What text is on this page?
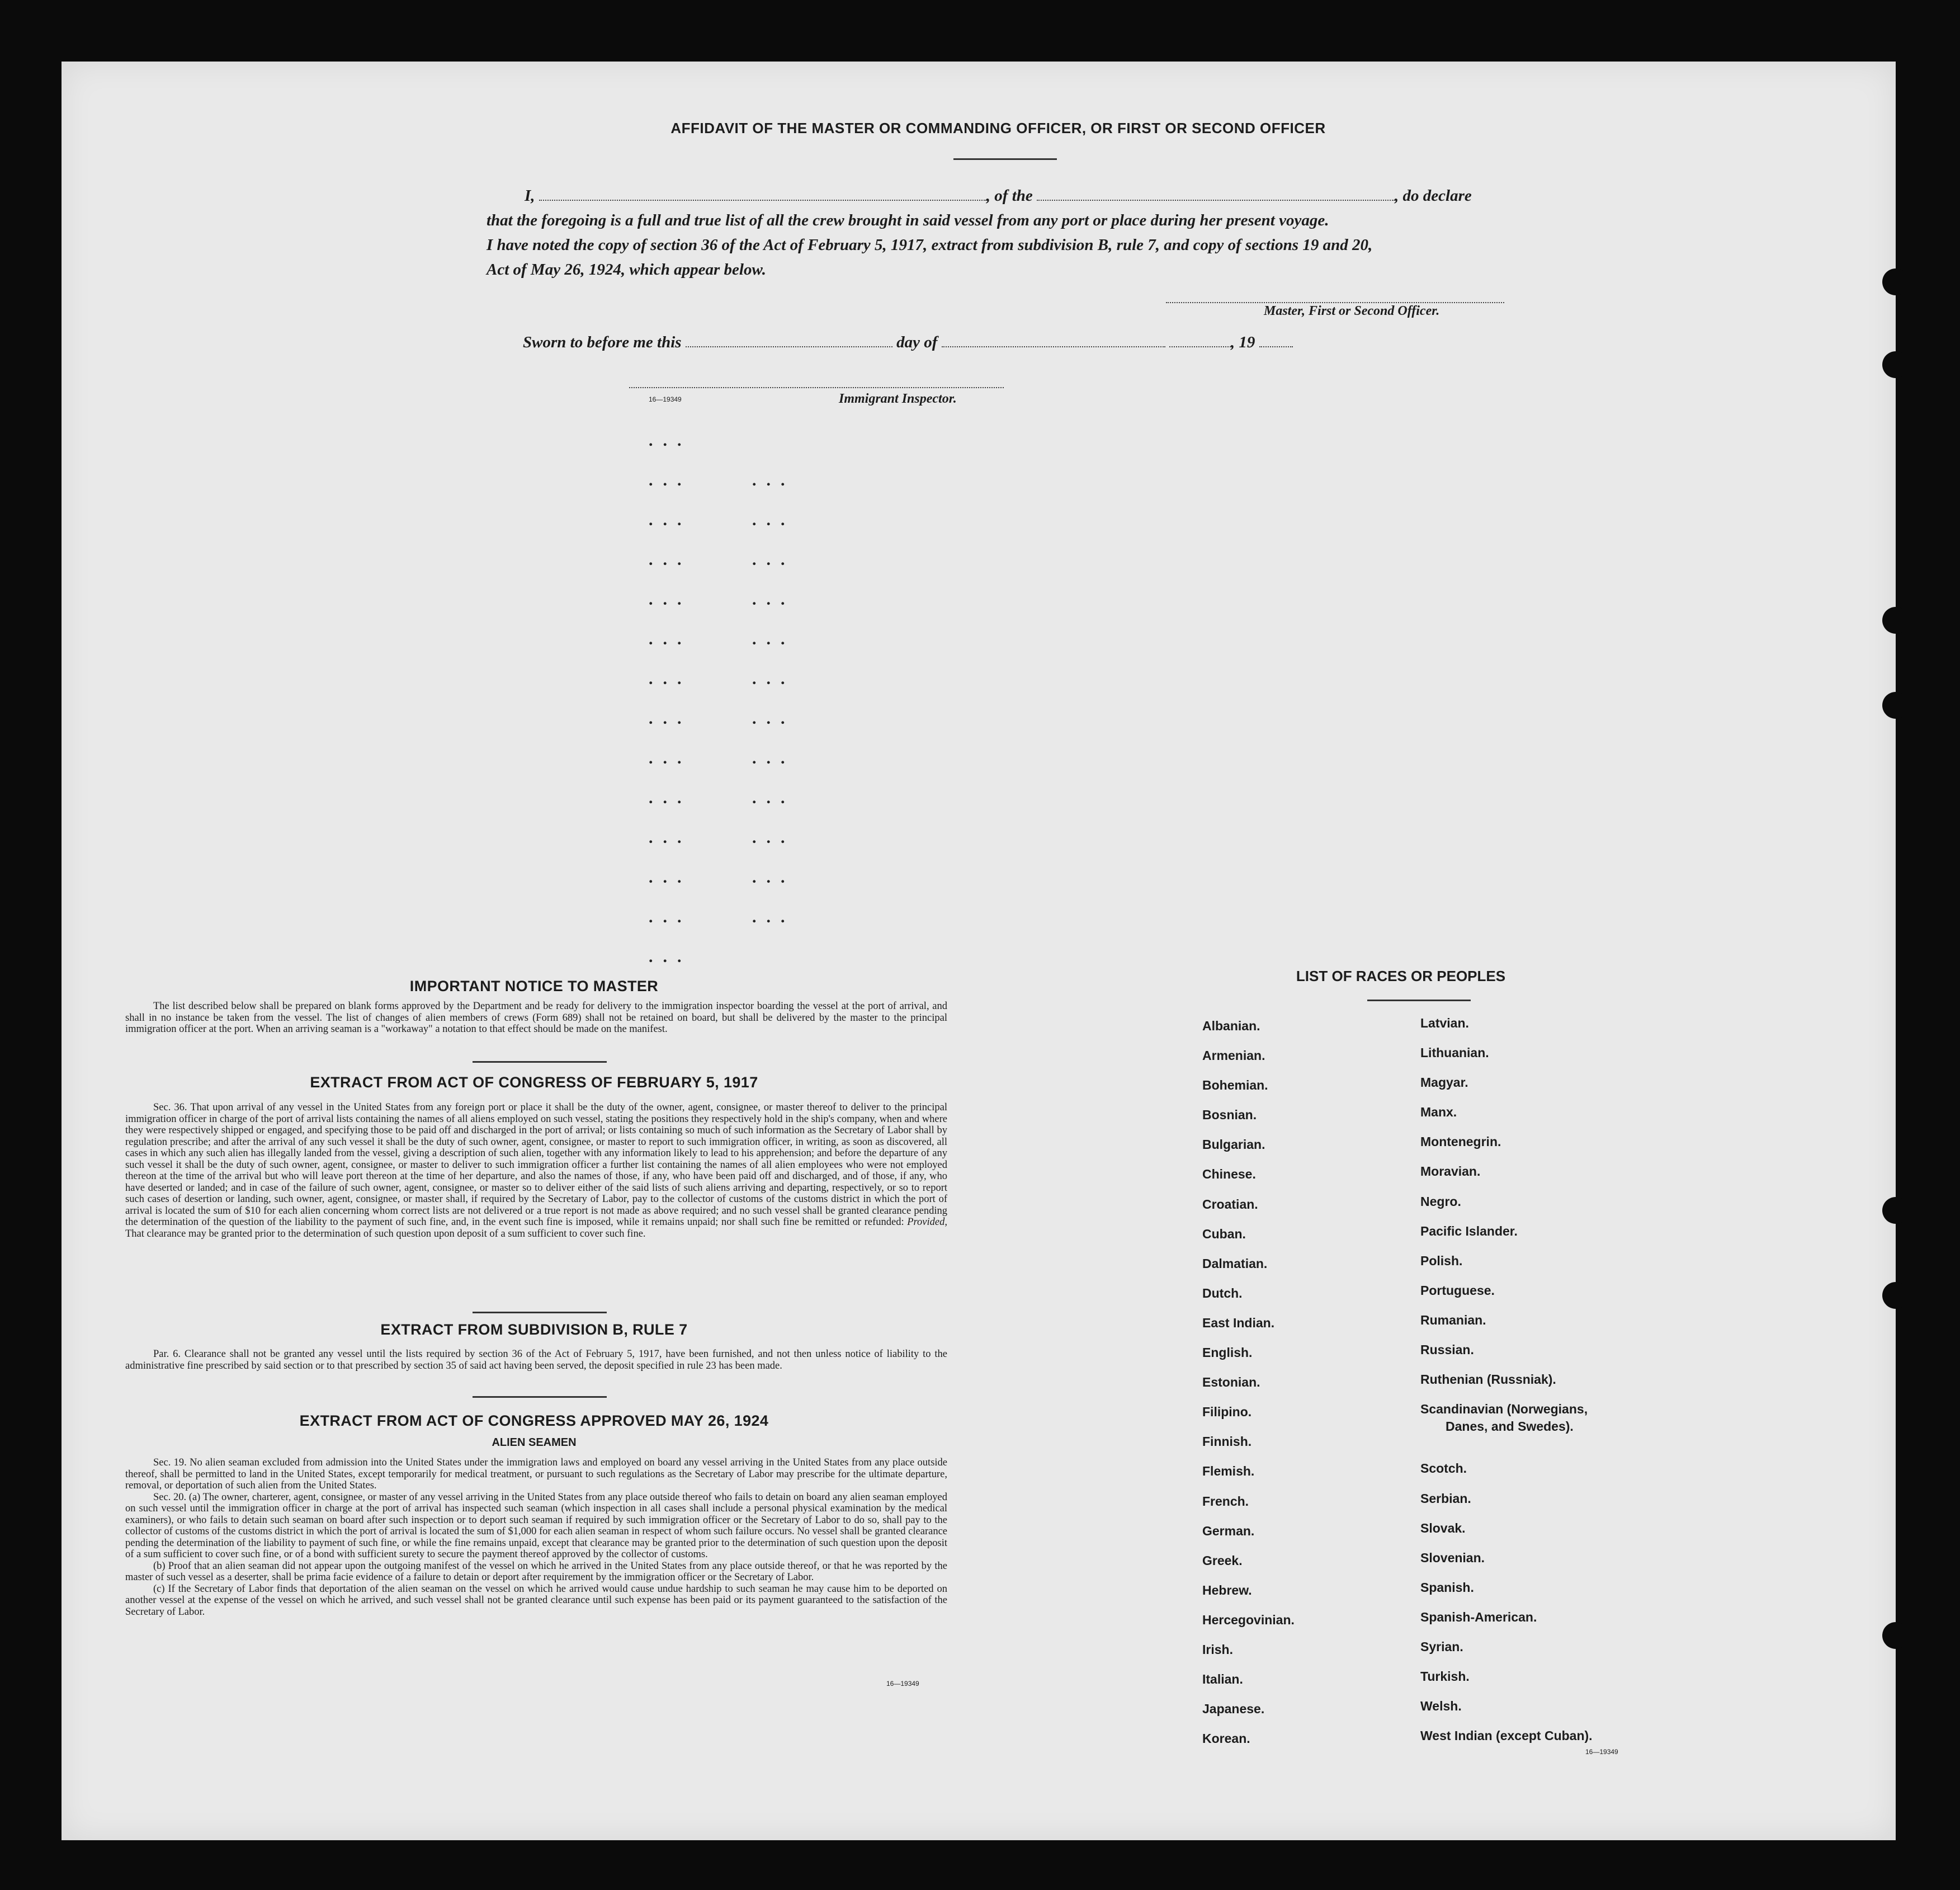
AFFIDAVIT OF THE MASTER OR COMMANDING OFFICER, OR FIRST OR SECOND OFFICER
I,	, of the	, do declare
that the foregoing is a full and true list of all the crew brought in said vessel from any port or place during her present voyage.
I have noted the copy of section 36 of the Act of February 5, 1917, extract from subdivision B, rule 7, and copy of sections 19 and 20,
Act of May 26, 1924, which appear below.
Master, First or Second Officer.
Sworn to before me this	day of	, 19
16—19349	Immigrant Inspector.
...
...
...
...
...
...
...
...
...
...
...
...
...
...
...
...
...
...
...
...
...
...
...
...
...
...
IMPORTANT NOTICE TO MASTER
The list described below shall be prepared on blank forms approved by the Department and be ready for delivery to the immigration inspector boarding the vessel at the port of arrival, and shall in no instance be taken from the vessel. The list of changes of alien members of crews (Form 689) shall not be retained on board, but shall be delivered by the master to the principal immigration officer at the port. When an arriving seaman is a "workaway" a notation to that effect should be made on the manifest.
EXTRACT FROM ACT OF CONGRESS OF FEBRUARY 5, 1917
Sec. 36. That upon arrival of any vessel in the United States from any foreign port or place it shall be the duty of the owner, agent, consignee, or master thereof to deliver to the principal immigration officer in charge of the port of arrival lists containing the names of all aliens employed on such vessel, stating the positions they respectively hold in the ship's company, when and where they were respectively shipped or engaged, and specifying those to be paid off and discharged in the port of arrival; or lists containing so much of such information as the Secretary of Labor shall by regulation prescribe; and after the arrival of any such vessel it shall be the duty of such owner, agent, consignee, or master to report to such immigration officer, in writing, as soon as discovered, all cases in which any such alien has illegally landed from the vessel, giving a description of such alien, together with any information likely to lead to his apprehension; and before the departure of any such vessel it shall be the duty of such owner, agent, consignee, or master to deliver to such immigration officer a further list containing the names of all alien employees who were not employed thereon at the time of the arrival but who will leave port thereon at the time of her departure, and also the names of those, if any, who have been paid off and discharged, and of those, if any, who have deserted or landed; and in case of the failure of such owner, agent, consignee, or master so to deliver either of the said lists of such aliens arriving and departing, respectively, or so to report such cases of desertion or landing, such owner, agent, consignee, or master shall, if required by the Secretary of Labor, pay to the collector of customs of the customs district in which the port of arrival is located the sum of $10 for each alien concerning whom correct lists are not delivered or a true report is not made as above required; and no such vessel shall be granted clearance pending the determination of the question of the liability to the payment of such fine, and, in the event such fine is imposed, while it remains unpaid; nor shall such fine be remitted or refunded: Provided, That clearance may be granted prior to the determination of such question upon deposit of a sum sufficient to cover such fine.
EXTRACT FROM SUBDIVISION B, RULE 7
Par. 6. Clearance shall not be granted any vessel until the lists required by section 36 of the Act of February 5, 1917, have been furnished, and not then unless notice of liability to the administrative fine prescribed by said section or to that prescribed by section 35 of said act having been served, the deposit specified in rule 23 has been made.
EXTRACT FROM ACT OF CONGRESS APPROVED MAY 26, 1924
ALIEN SEAMEN
Sec. 19. No alien seaman excluded from admission into the United States under the immigration laws and employed on board any vessel arriving in the United States from any place outside thereof, shall be permitted to land in the United States, except temporarily for medical treatment, or pursuant to such regulations as the Secretary of Labor may prescribe for the ultimate departure, removal, or deportation of such alien from the United States.
Sec. 20. (a) The owner, charterer, agent, consignee, or master of any vessel arriving in the United States from any place outside thereof who fails to detain on board any alien seaman employed on such vessel until the immigration officer in charge at the port of arrival has inspected such seaman (which inspection in all cases shall include a personal physical examination by the medical examiners), or who fails to detain such seaman on board after such inspection or to deport such seaman if required by such immigration officer or the Secretary of Labor to do so, shall pay to the collector of customs of the customs district in which the port of arrival is located the sum of $1,000 for each alien seaman in respect of whom such failure occurs. No vessel shall be granted clearance pending the determination of the liability to payment of such fine, or while the fine remains unpaid, except that clearance may be granted prior to the determination of such question upon the deposit of a sum sufficient to cover such fine, or of a bond with sufficient surety to secure the payment thereof approved by the collector of customs.
(b) Proof that an alien seaman did not appear upon the outgoing manifest of the vessel on which he arrived in the United States from any place outside thereof, or that he was reported by the master of such vessel as a deserter, shall be prima facie evidence of a failure to detain or deport after requirement by the immigration officer or the Secretary of Labor.
(c) If the Secretary of Labor finds that deportation of the alien seaman on the vessel on which he arrived would cause undue hardship to such seaman he may cause him to be deported on another vessel at the expense of the vessel on which he arrived, and such vessel shall not be granted clearance until such expense has been paid or its payment guaranteed to the satisfaction of the Secretary of Labor.
16—19349
LIST OF RACES OR PEOPLES
Albanian.
Armenian.
Bohemian.
Bosnian.
Bulgarian.
Chinese.
Croatian.
Cuban.
Dalmatian.
Dutch.
East Indian.
English.
Estonian.
Filipino.
Finnish.
Flemish.
French.
German.
Greek.
Hebrew.
Hercegovinian.
Irish.
Italian.
Japanese.
Korean.
Latvian.
Lithuanian.
Magyar.
Manx.
Montenegrin.
Moravian.
Negro.
Pacific Islander.
Polish.
Portuguese.
Rumanian.
Russian.
Ruthenian (Russniak).
Scandinavian (Norwegians,
Danes, and Swedes).
Scotch.
Serbian.
Slovak.
Slovenian.
Spanish.
Spanish-American.
Syrian.
Turkish.
Welsh.
West Indian (except Cuban).
16—19349
